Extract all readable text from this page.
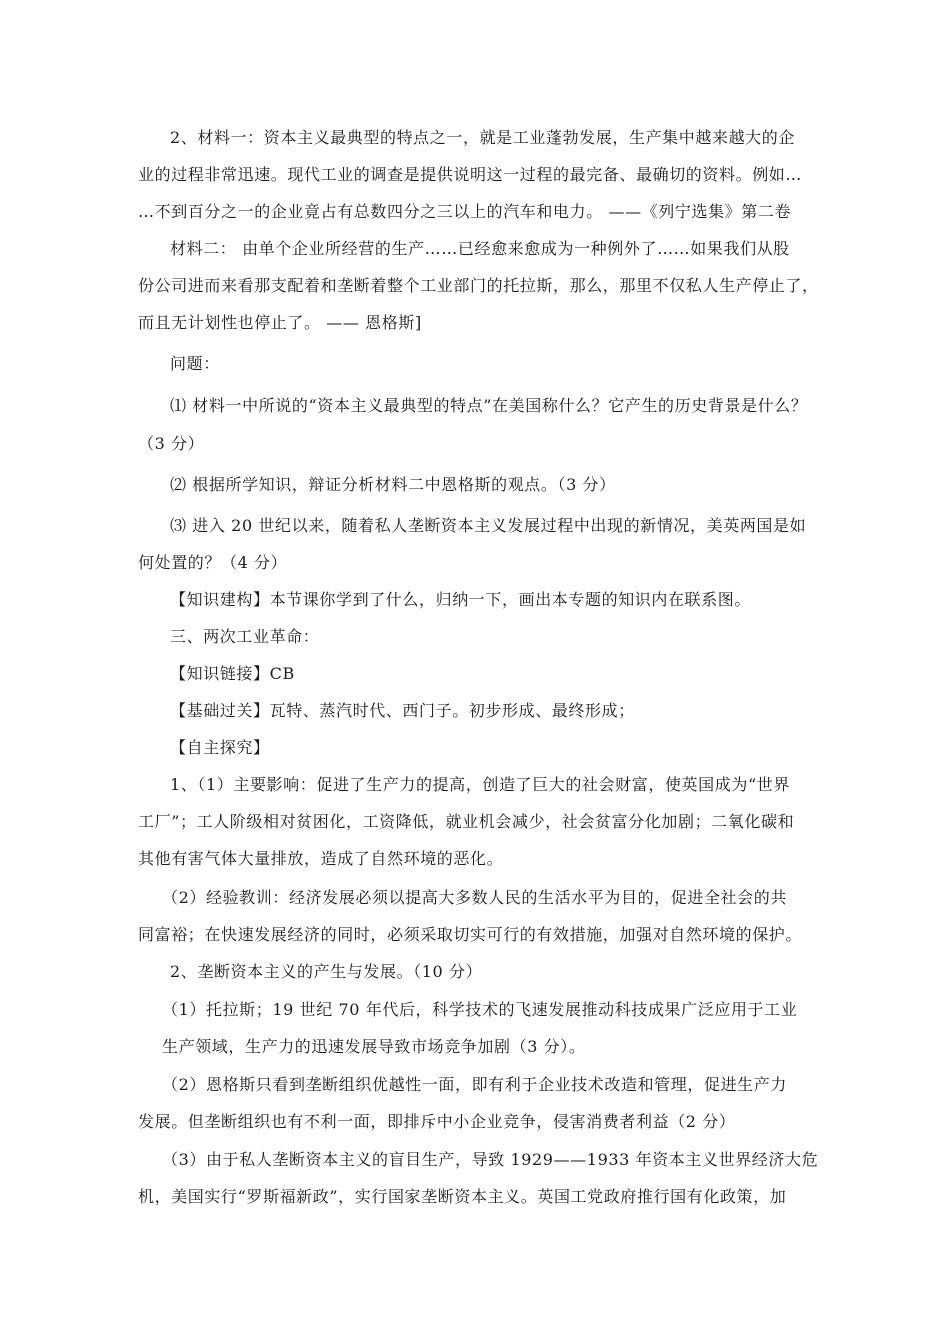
2、材料一：资本主义最典型的特点之一，就是工业蓬勃发展，生产集中越来越大的企
业的过程非常迅速。现代工业的调查是提供说明这一过程的最完备、最确切的资料。例如…
…不到百分之一的企业竟占有总数四分之三以上的汽车和电力。 ——《列宁选集》第二卷
材料二： 由单个企业所经营的生产……已经愈来愈成为一种例外了……如果我们从股
份公司进而来看那支配着和垄断着整个工业部门的托拉斯，那么，那里不仅私人生产停止了，
而且无计划性也停止了。 —— 恩格斯]
问题：
⑴ 材料一中所说的“资本主义最典型的特点”在美国称什么？它产生的历史背景是什么？
（3 分）
⑵ 根据所学知识，辩证分析材料二中恩格斯的观点。（3 分）
⑶ 进入 20 世纪以来，随着私人垄断资本主义发展过程中出现的新情况，美英两国是如
何处置的？（4 分）
【知识建构】本节课你学到了什么，归纳一下，画出本专题的知识内在联系图。
三、两次工业革命：
【知识链接】CB
【基础过关】瓦特、蒸汽时代、西门子。初步形成、最终形成；
【自主探究】
1、（1）主要影响：促进了生产力的提高，创造了巨大的社会财富，使英国成为“世界
工厂”；工人阶级相对贫困化，工资降低，就业机会减少，社会贫富分化加剧；二氧化碳和
其他有害气体大量排放，造成了自然环境的恶化。
（2）经验教训：经济发展必须以提高大多数人民的生活水平为目的，促进全社会的共
同富裕；在快速发展经济的同时，必须采取切实可行的有效措施，加强对自然环境的保护。
2、垄断资本主义的产生与发展。（10 分）
（1）托拉斯；19 世纪 70 年代后，科学技术的飞速发展推动科技成果广泛应用于工业
生产领域，生产力的迅速发展导致市场竞争加剧（3 分）。
（2）恩格斯只看到垄断组织优越性一面，即有利于企业技术改造和管理，促进生产力
发展。但垄断组织也有不利一面，即排斥中小企业竞争，侵害消费者利益（2 分）
（3）由于私人垄断资本主义的盲目生产，导致 1929——1933 年资本主义世界经济大危
机，美国实行“罗斯福新政”，实行国家垄断资本主义。英国工党政府推行国有化政策，加
